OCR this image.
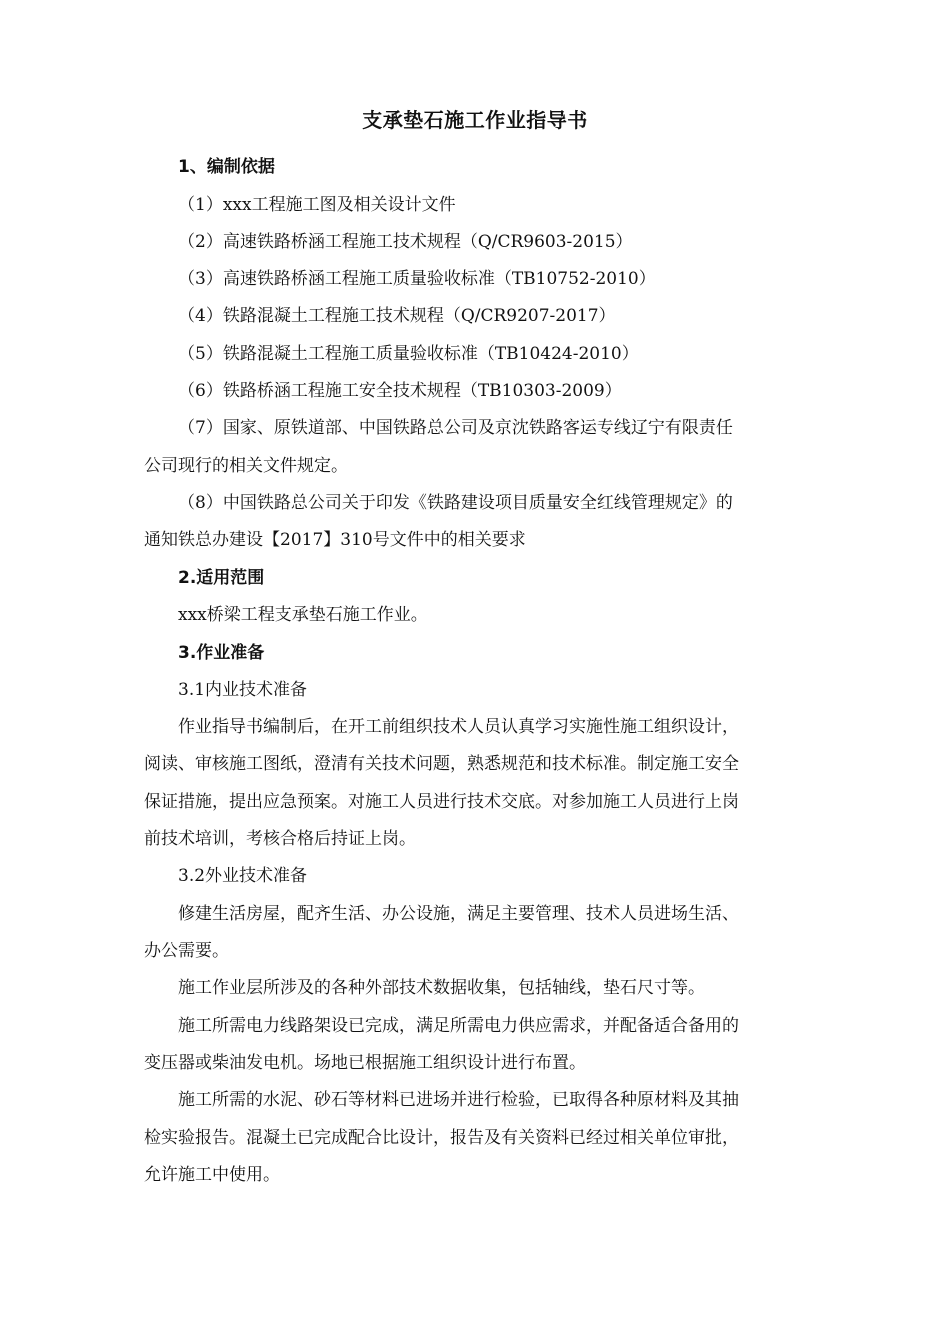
支承垫石施工作业指导书
1、编制依据
（1）xxx工程施工图及相关设计文件
（2）高速铁路桥涵工程施工技术规程（Q/CR9603-2015）
（3）高速铁路桥涵工程施工质量验收标准（TB10752-2010）
（4）铁路混凝土工程施工技术规程（Q/CR9207-2017）
（5）铁路混凝土工程施工质量验收标准（TB10424-2010）
（6）铁路桥涵工程施工安全技术规程（TB10303-2009）
（7）国家、原铁道部、中国铁路总公司及京沈铁路客运专线辽宁有限责任
公司现行的相关文件规定。
（8）中国铁路总公司关于印发《铁路建设项目质量安全红线管理规定》的
通知铁总办建设【2017】310号文件中的相关要求
2.适用范围
xxx桥梁工程支承垫石施工作业。
3.作业准备
3.1内业技术准备
作业指导书编制后，在开工前组织技术人员认真学习实施性施工组织设计，
阅读、审核施工图纸，澄清有关技术问题，熟悉规范和技术标准。制定施工安全
保证措施，提出应急预案。对施工人员进行技术交底。对参加施工人员进行上岗
前技术培训，考核合格后持证上岗。
3.2外业技术准备
修建生活房屋，配齐生活、办公设施，满足主要管理、技术人员进场生活、
办公需要。
施工作业层所涉及的各种外部技术数据收集，包括轴线，垫石尺寸等。
施工所需电力线路架设已完成，满足所需电力供应需求，并配备适合备用的
变压器或柴油发电机。场地已根据施工组织设计进行布置。
施工所需的水泥、砂石等材料已进场并进行检验，已取得各种原材料及其抽
检实验报告。混凝土已完成配合比设计，报告及有关资料已经过相关单位审批，
允许施工中使用。
